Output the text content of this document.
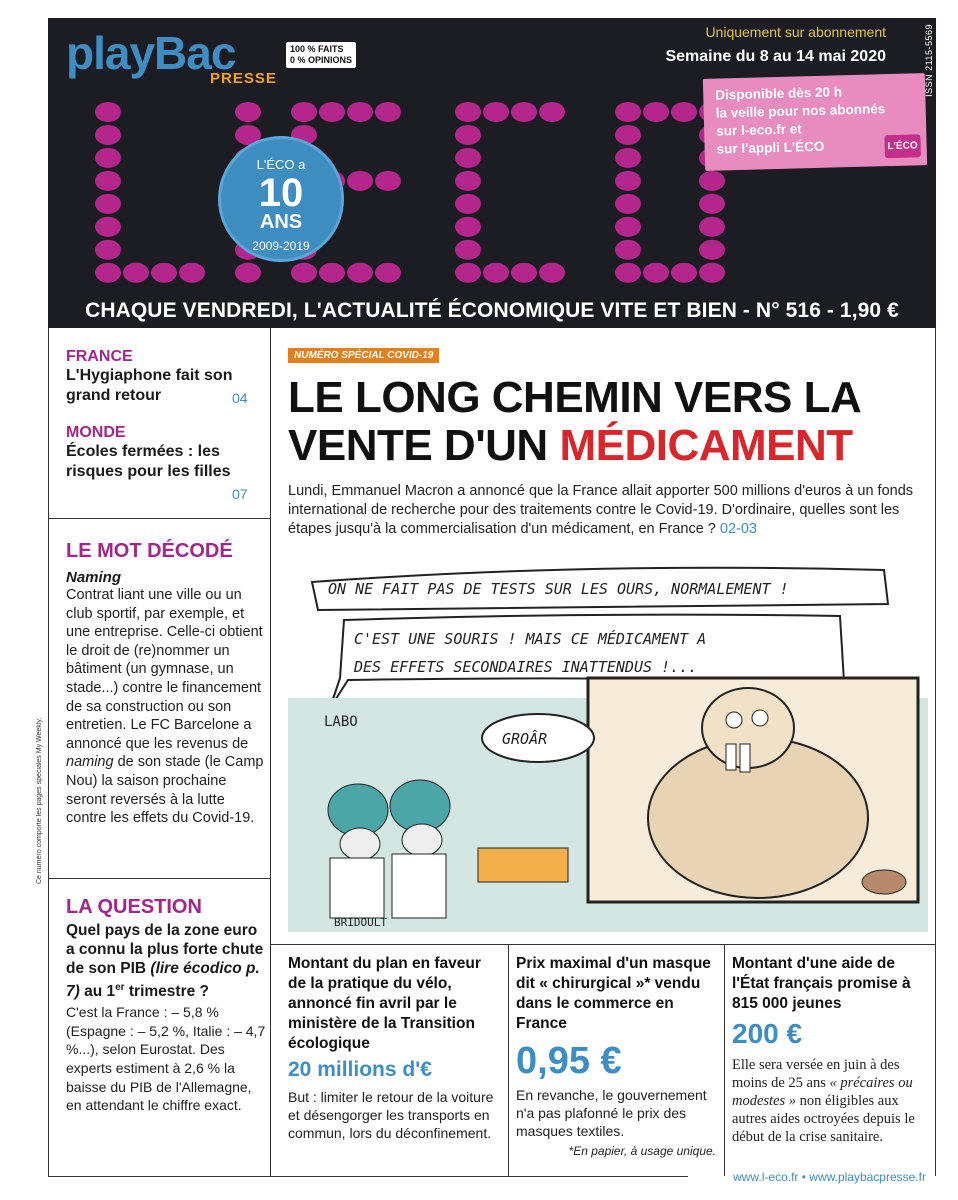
playBac
PRESSE
100 % FAITS
0 % OPINIONS
Uniquement sur abonnement
Semaine du 8 au 14 mai 2020	ISSN 2115-5569
Disponible dès 20 h
la veille pour nos abonnés
sur l-eco.fr et
sur l'appli L'ÉCO	L'ÉCO
L'ÉCO a
10
ANS
2009-2019
CHAQUE VENDREDI, L'ACTUALITÉ ÉCONOMIQUE VITE ET BIEN - N° 516 - 1,90 €
FRANCE
L'Hygiaphone fait son grand retour	04
MONDE
Écoles fermées : les risques pour les filles
07
LE MOT DÉCODÉ
Naming
Contrat liant une ville ou un club sportif, par exemple, et une entreprise. Celle-ci obtient le droit de (re)nommer un bâtiment (un gymnase, un stade...) contre le financement de sa construction ou son entretien. Le FC Barcelone a annoncé que les revenus de naming de son stade (le Camp Nou) la saison prochaine seront reversés à la lutte contre les effets du Covid-19.
LA QUESTION
Quel pays de la zone euro a connu la plus forte chute de son PIB (lire écodico p. 7) au 1er trimestre ?
C'est la France : – 5,8 % (Espagne : – 5,2 %, Italie : – 4,7 %...), selon Eurostat. Des experts estiment à 2,6 % la baisse du PIB de l'Allemagne, en attendant le chiffre exact.
Ce numéro comporte les pages spéciales My Weekly.
NUMÉRO SPÉCIAL COVID-19
LE LONG CHEMIN VERS LA VENTE D'UN MÉDICAMENT
Lundi, Emmanuel Macron a annoncé que la France allait apporter 500 millions d'euros à un fonds international de recherche pour des traitements contre le Covid-19. D'ordinaire, quelles sont les étapes jusqu'à la commercialisation d'un médicament, en France ? 02-03
ON NE FAIT PAS DE TESTS SUR LES OURS, NORMALEMENT !
C'EST UNE SOURIS ! MAIS CE MÉDICAMENT A
DES EFFETS SECONDAIRES INATTENDUS !...
LABO
GROÂR
BRIDOULT
Montant du plan en faveur de la pratique du vélo, annoncé fin avril par le ministère de la Transition écologique
20 millions d'€
But : limiter le retour de la voiture et désengorger les transports en commun, lors du déconfinement.
Prix maximal d'un masque dit « chirurgical »* vendu dans le commerce en France
0,95 €
En revanche, le gouvernement n'a pas plafonné le prix des masques textiles.
*En papier, à usage unique.
Montant d'une aide de l'État français promise à 815 000 jeunes
200 €
Elle sera versée en juin à des moins de 25 ans « précaires ou modestes » non éligibles aux autres aides octroyées depuis le début de la crise sanitaire.
www.l-eco.fr • www.playbacpresse.fr
